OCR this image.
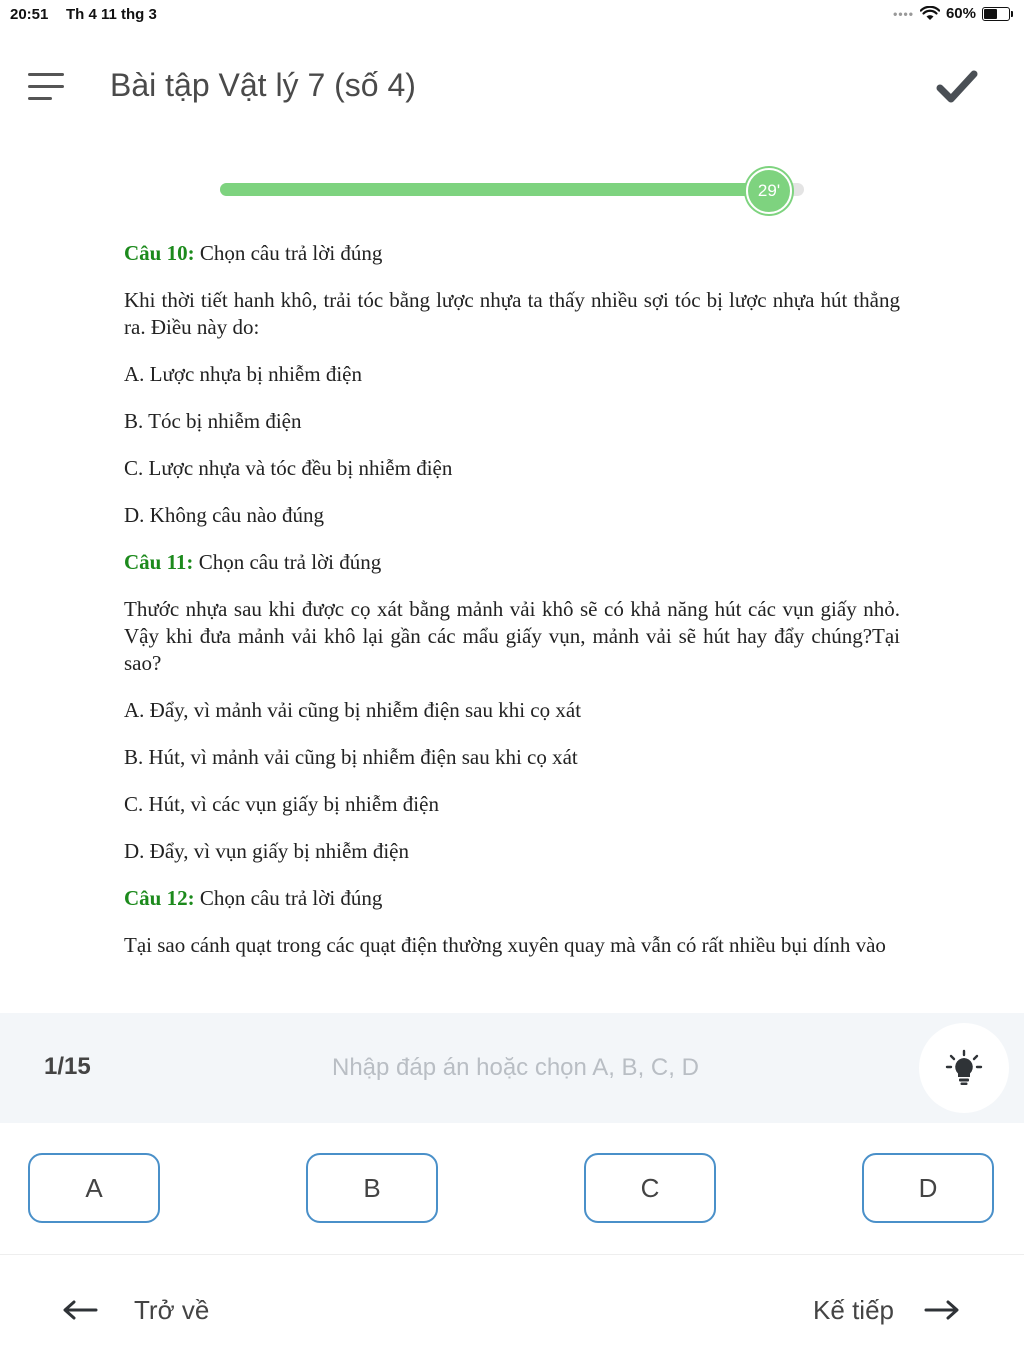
20:51 Th 4 11 thg 3	•••• 60%
Bài tập Vật lý 7 (số 4)
29'

Câu 10: Chọn câu trả lời đúng

Khi thời tiết hanh khô, trải tóc bằng lược nhựa ta thấy nhiều sợi tóc bị lược nhựa hút thẳng ra. Điều này do:

A. Lược nhựa bị nhiễm điện

B. Tóc bị nhiễm điện

C. Lược nhựa và tóc đều bị nhiễm điện

D. Không câu nào đúng

Câu 11: Chọn câu trả lời đúng

Thước nhựa sau khi được cọ xát bằng mảnh vải khô sẽ có khả năng hút các vụn giấy nhỏ. Vậy khi đưa mảnh vải khô lại gần các mẩu giấy vụn, mảnh vải sẽ hút hay đẩy chúng?Tại sao?

A. Đẩy, vì mảnh vải cũng bị nhiễm điện sau khi cọ xát

B. Hút, vì mảnh vải cũng bị nhiễm điện sau khi cọ xát

C. Hút, vì các vụn giấy bị nhiễm điện

D. Đẩy, vì vụn giấy bị nhiễm điện

Câu 12: Chọn câu trả lời đúng

Tại sao cánh quạt trong các quạt điện thường xuyên quay mà vẫn có rất nhiều bụi dính vào

1/15
Nhập đáp án hoặc chọn A, B, C, D
A	B	C	D
Trở về	Kế tiếp
